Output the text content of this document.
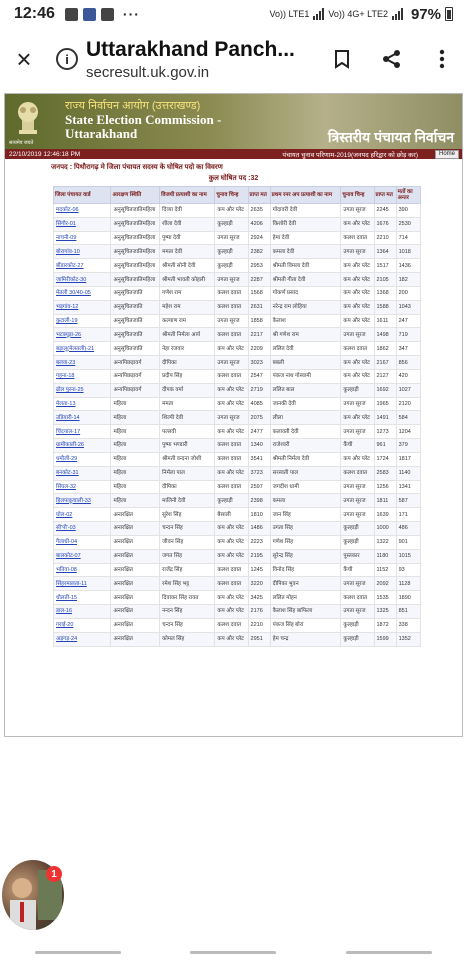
12:46	···	Vo)) LTE1 Vo)) 4G+ LTE2 97%
×	i Uttarakhand Panch...
secresult.uk.gov.in
सत्यमेव जयते
राज्य निर्वाचन आयोग (उत्तराखण्ड)
State Election Commission -
Uttarakhand	त्रिस्तरीय पंचायत निर्वाचन
22/10/2019 12:46:18 PM	पंचायत चुनाव परिणाम-2019(जनपद हरिद्वार को छोड़ कर)	Home
जनपद : पिथौरागढ़ मे जिला पंचायत सदस्य के घोषित पदो का विवरण
कुल घोषित पद :32
जिला पंचायत वार्ड	आरक्षण स्थिति	विजयी प्रत्याशी का नाम	चुनाव चिन्ह	प्राप्त मत	प्रथम रनर अप प्रत्याशी का नाम	चुनाव चिन्ह	प्राप्त मत	मतों का अन्तर
मदकोट-06	अनुसूचितजातिमहिला	दिव्या देवी	कप और प्लेट	2635	गोदावरी देवी	उगता सूरज	2245	390
सिंगौर-01	अनुसूचितजातिमहिला	शीला देवी	कुल्हाड़ी	4206	किशोरी देवी	कप और प्लेट	1676	2530
नाचनी-09	अनुसूचितजातिमहिला	पुष्पा देवी	उगता सूरज	2924	हेमा देवी	कलश दवात	2210	714
बोरागांव-10	अनुसूचितजातिमहिला	ममता देवी	कुल्हाड़ी	2382	कमला देवी	उगता सूरज	1364	1018
बौंडारकोट-27	अनुसूचितजातिमहिला	श्रीमती सोनी देवी	कुल्हाड़ी	2953	श्रीमती विमला देवी	कप और प्लेट	1517	1436
जामिरीकोट-30	अनुसूचितजातिमहिला	श्रीमती भावती कोहली	उगता सूरज	2287	श्रीमती गीता देवी	कप और प्लेट	2105	182
मेतली 30/40-05	अनुसूचितजाति	गणेश राम	कलश दवात	1568	गोकर्ण प्रसाद	कप और प्लेट	1368	200
भड़गांव-12	अनुसूचितजाति	महेश राम	कलश दवात	2631	नरेन्द्र राम लोहिया	कप और प्लेट	1588	1043
कुटाली-19	अनुसूचितजाति	कल्याण राम	उगता सूरज	1858	कैलाश	कप और प्लेट	1611	247
भटक्यूड़ा-26	अनुसूचितजाति	श्रीमती निर्मला आर्य	कलश दवात	2217	श्री गणेश राम	उगता सूरज	1498	719
बड़ालू(मेलतली)-21	अनुसूचितजाति	नेहा रजवार	कप और प्लेट	2209	ललित देवी	कलश दवात	1862	347
बलवा-23	अन्यपिछड़ावर्ग	दीपिका	उगता सूरज	3023	बबली	कप और प्लेट	2167	856
गहना-18	अन्यपिछड़ावर्ग	प्रदीप सिंह	कलश दवात	2547	पंकज नाथ गोस्वामी	कप और प्लेट	2127	420
ढोल पुरना-25	अन्यपिछड़ावर्ग	दीपक वर्मा	कप और प्लेट	2719	ललित बाल	कुल्हाड़ी	1692	1027
मेलता-13	महिला	ममता	कप और प्लेट	4085	जानकी देवी	उगता सूरज	1965	2120
उडियारी-14	महिला	शिल्पी देवी	उगता सूरज	2075	लीला	कप और प्लेट	1491	584
चिंदयाल-17	महिला	पल्लवी	कप और प्लेट	2477	कलावती देवी	उगता सूरज	1273	1204
ग्रामीकाली-26	महिला	पुष्पा भण्डारी	कलश दवात	1340	राजेश्वरी	कैंची	961	379
धमौली-29	महिला	श्रीमती वन्दना जोशी	कलश दवात	3541	श्रीमती निर्मला देवी	कप और प्लेट	1724	1817
बनकोट-31	महिला	निर्मला पाल	कप और प्लेट	3723	सरस्वती पाल	कलश दवात	2583	1140
सिंघल-32	महिला	दीपिका	कलश दवात	2597	जगदीश धामी	उगता सूरज	1256	1341
हिलपाकुचाली-33	महिला	मालिनी देवी	कुल्हाड़ी	2398	कमला	उगता सूरज	1811	587
घोल-02	अनारक्षित	सुरेश सिंह	बैसाली	1810	जान सिंह	उगता सूरज	1639	171
सी'पौ'-03	अनारक्षित	चन्दन सिंह	कप और प्लेट	1486	उगता सिंह	कुल्हाड़ी	1000	486
गैलाधी-04	अनारक्षित	जीवन सिंह	कप और प्लेट	2223	गणेश सिंह	कुल्हाड़ी	1322	901
बालकोट-07	अनारक्षित	जगत सिंह	कप और प्लेट	2195	सुरेन्द्र सिंह	पुस्तकार	1180	1015
भतिवा-08	अनारक्षित	राजेंद्र सिंह	कलश दवात	1245	विनोद सिंह	कैंची	1152	93
सिंहरमालता-11	अनारक्षित	रमेश सिंह भट्ट	कलश दवात	3220	दीपिका भुवन	उगता सूरज	2092	1128
धौलती-15	अनारक्षित	दिवाकर सिंह रावत	कप और प्लेट	3425	ललित मोहन	कलश दवात	1535	1890
डाल-16	अनारक्षित	नन्दन सिंह	कप और प्लेट	2176	कैलाश सिंह बाफिला	उगता सूरज	1325	851
गराई-20	अनारक्षित	चन्दन सिंह	कलश दवात	2210	पंकज सिंह बोरा	कुल्हाड़ी	1872	338
अड़गड़-24	अनारक्षित	कोमल सिंह	कप और प्लेट	2951	हेम चन्द्र	कुल्हाड़ी	1599	1352
1
